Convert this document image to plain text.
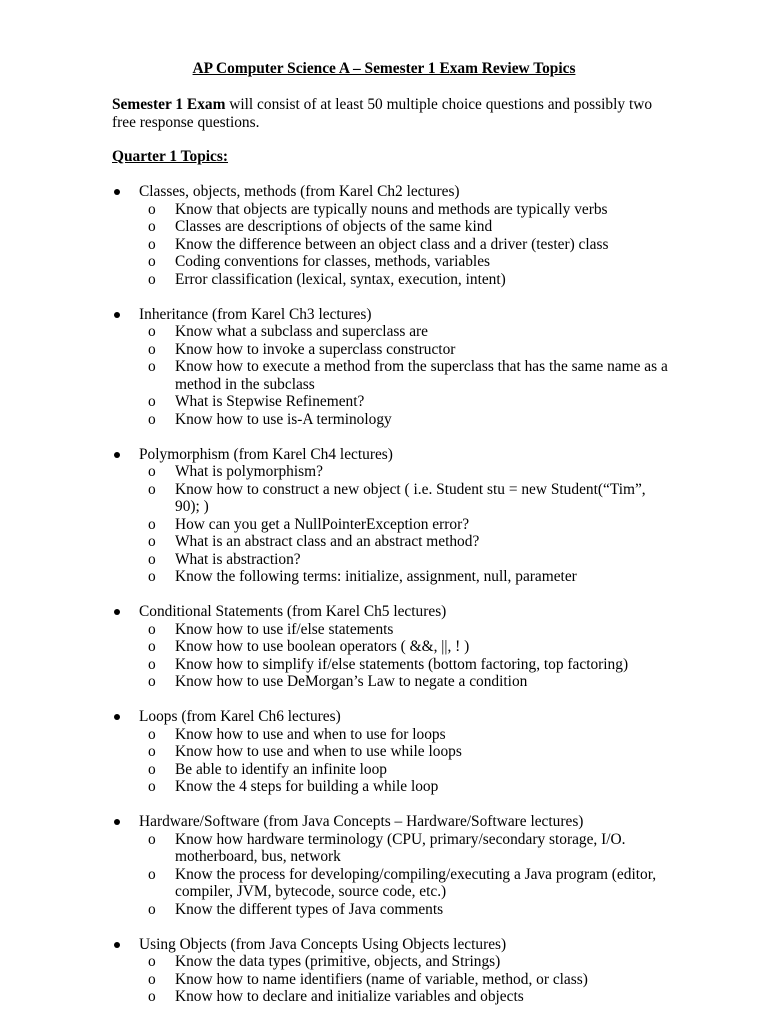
AP Computer Science A – Semester 1 Exam Review Topics
Semester 1 Exam will consist of at least 50 multiple choice questions and possibly two free response questions.
Quarter 1 Topics:
Classes, objects, methods (from Karel Ch2 lectures)
o Know that objects are typically nouns and methods are typically verbs
o Classes are descriptions of objects of the same kind
o Know the difference between an object class and a driver (tester) class
o Coding conventions for classes, methods, variables
o Error classification (lexical, syntax, execution, intent)
Inheritance (from Karel Ch3 lectures)
o Know what a subclass and superclass are
o Know how to invoke a superclass constructor
o Know how to execute a method from the superclass that has the same name as a method in the subclass
o What is Stepwise Refinement?
o Know how to use is-A terminology
Polymorphism (from Karel Ch4 lectures)
o What is polymorphism?
o Know how to construct a new object ( i.e. Student stu = new Student(“Tim”, 90); )
o How can you get a NullPointerException error?
o What is an abstract class and an abstract method?
o What is abstraction?
o Know the following terms: initialize, assignment, null, parameter
Conditional Statements (from Karel Ch5 lectures)
o Know how to use if/else statements
o Know how to use boolean operators ( &&, ||, ! )
o Know how to simplify if/else statements (bottom factoring, top factoring)
o Know how to use DeMorgan’s Law to negate a condition
Loops (from Karel Ch6 lectures)
o Know how to use and when to use for loops
o Know how to use and when to use while loops
o Be able to identify an infinite loop
o Know the 4 steps for building a while loop
Hardware/Software (from Java Concepts – Hardware/Software lectures)
o Know how hardware terminology (CPU, primary/secondary storage, I/O. motherboard, bus, network
o Know the process for developing/compiling/executing a Java program (editor, compiler, JVM, bytecode, source code, etc.)
o Know the different types of Java comments
Using Objects (from Java Concepts Using Objects lectures)
o Know the data types (primitive, objects, and Strings)
o Know how to name identifiers (name of variable, method, or class)
o Know how to declare and initialize variables and objects
